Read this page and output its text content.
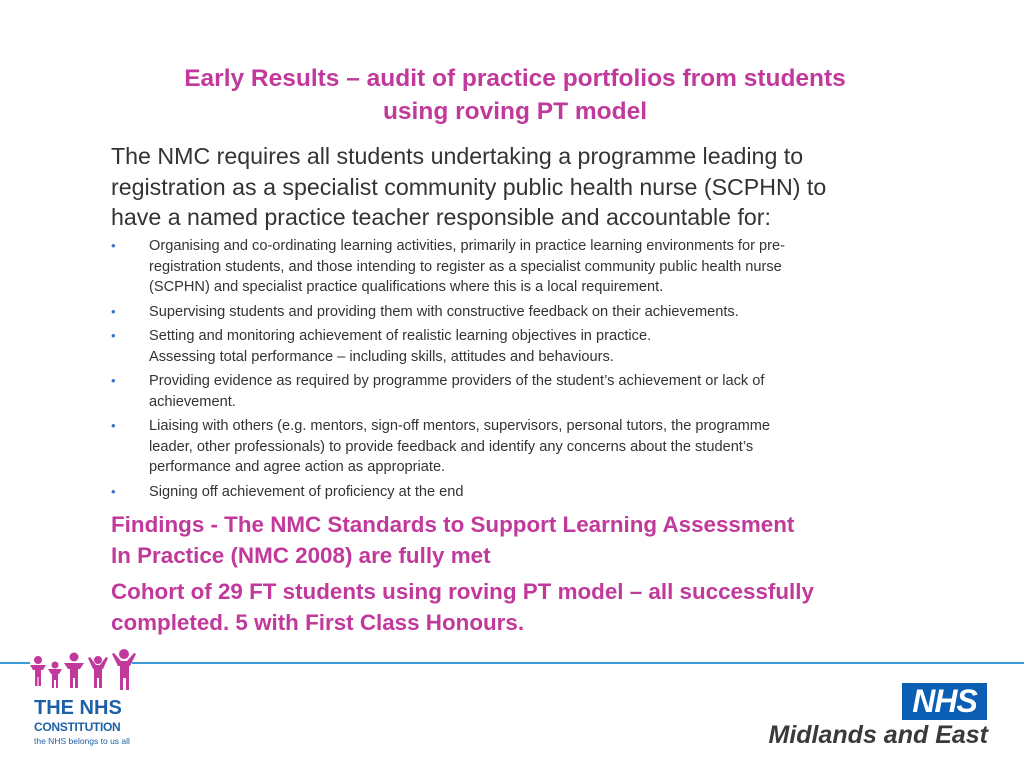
Early Results – audit of practice portfolios from students
using roving PT model
The NMC requires all students undertaking a programme leading to
registration as a specialist community public health nurse (SCPHN) to
have a named practice teacher responsible and accountable for:
• Organising and co-ordinating learning activities, primarily in practice learning environments for pre-
registration students, and those intending to register as a specialist community public health nurse
(SCPHN) and specialist practice qualifications where this is a local requirement.
• Supervising students and providing them with constructive feedback on their achievements.
• Setting and monitoring achievement of realistic learning objectives in practice.
Assessing total performance – including skills, attitudes and behaviours.
• Providing evidence as required by programme providers of the student’s achievement or lack of
achievement.
• Liaising with others (e.g. mentors, sign-off mentors, supervisors, personal tutors, the programme
leader, other professionals) to provide feedback and identify any concerns about the student’s
performance and agree action as appropriate.
• Signing off achievement of proficiency at the end
Findings - The NMC Standards to Support Learning Assessment
In Practice (NMC 2008) are fully met
Cohort of 29 FT students using roving PT model – all successfully
completed. 5 with First Class Honours.
THE NHS
CONSTITUTION
the NHS belongs to us all
NHS
Midlands and East
